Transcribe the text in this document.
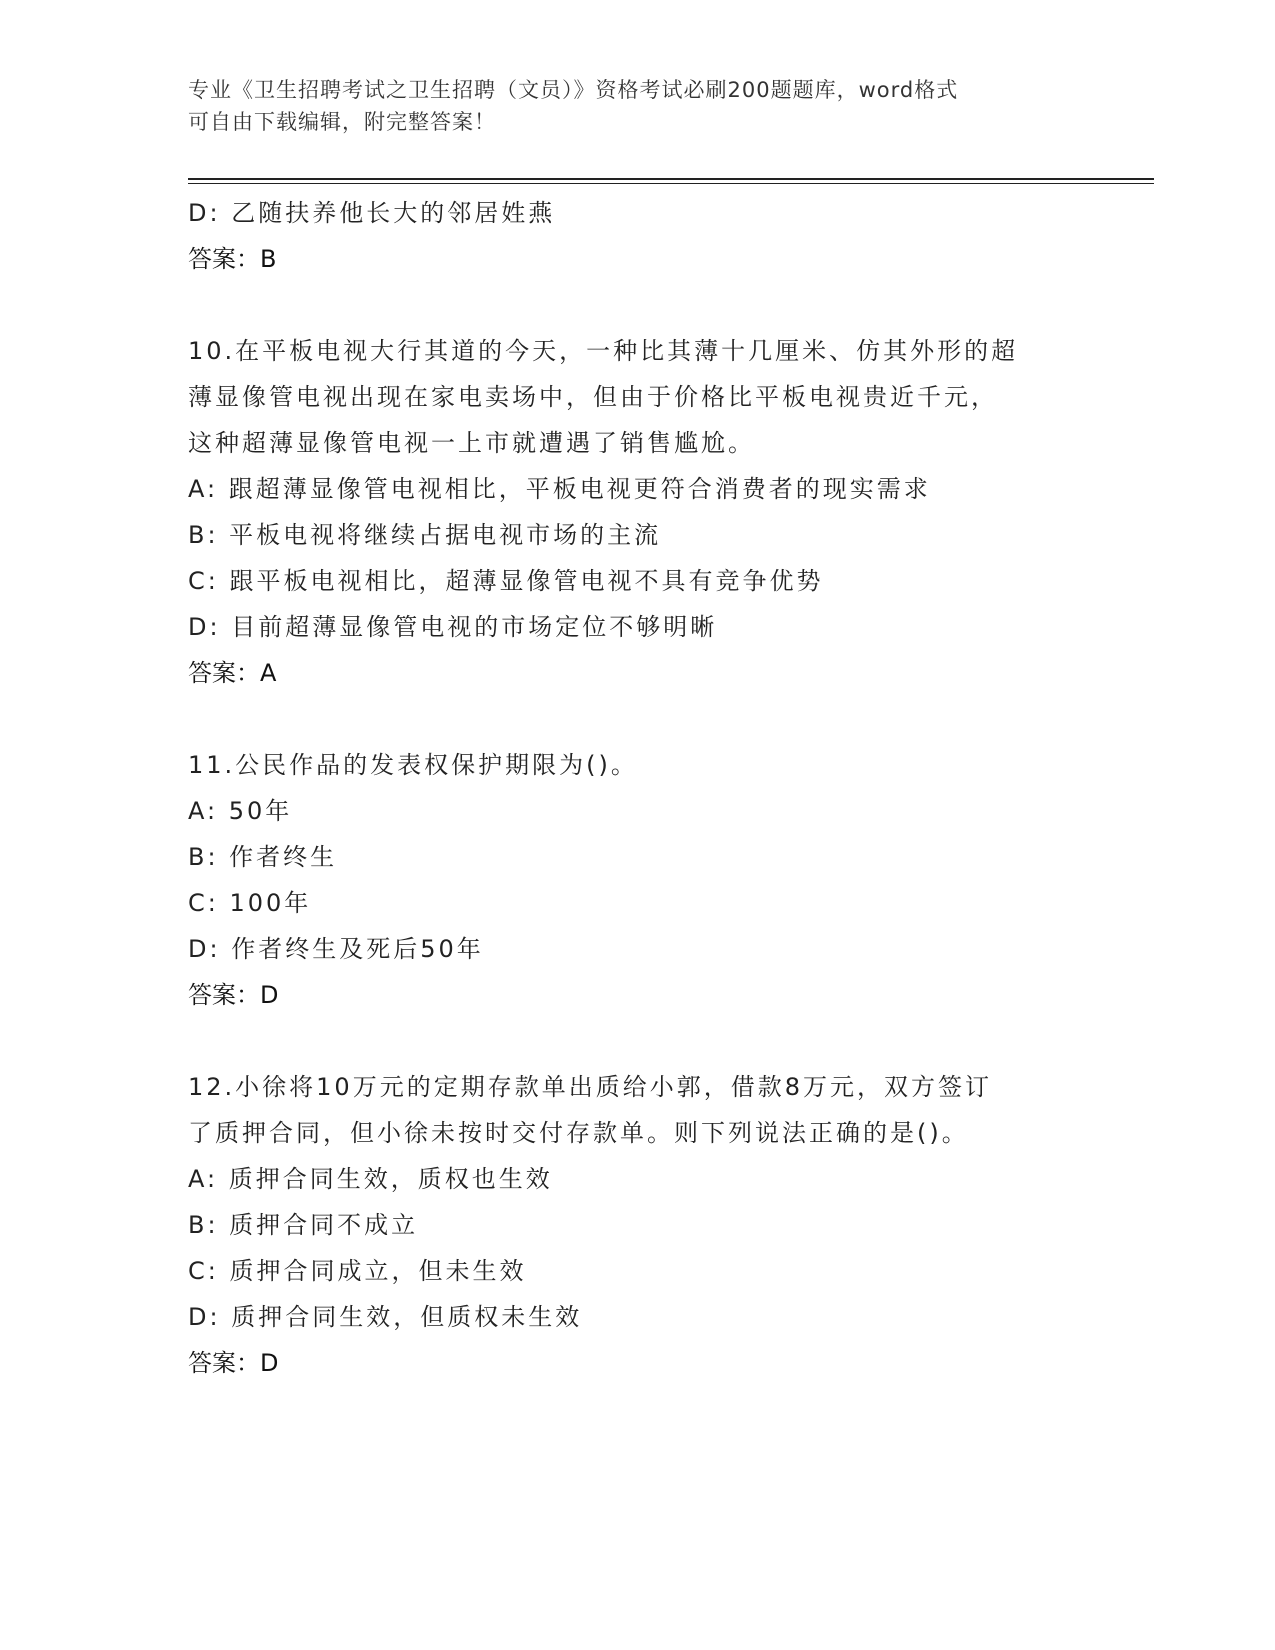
专业《卫生招聘考试之卫生招聘（文员）》资格考试必刷200题题库，word格式
可自由下载编辑，附完整答案！
D: 乙随扶养他长大的邻居姓燕
答案：B
10.在平板电视大行其道的今天，一种比其薄十几厘米、仿其外形的超
薄显像管电视出现在家电卖场中，但由于价格比平板电视贵近千元，
这种超薄显像管电视一上市就遭遇了销售尴尬。
A: 跟超薄显像管电视相比，平板电视更符合消费者的现实需求
B: 平板电视将继续占据电视市场的主流
C: 跟平板电视相比，超薄显像管电视不具有竞争优势
D: 目前超薄显像管电视的市场定位不够明晰
答案：A
11.公民作品的发表权保护期限为()。
A: 50年
B: 作者终生
C: 100年
D: 作者终生及死后50年
答案：D
12.小徐将10万元的定期存款单出质给小郭，借款8万元，双方签订
了质押合同，但小徐未按时交付存款单。则下列说法正确的是()。
A: 质押合同生效，质权也生效
B: 质押合同不成立
C: 质押合同成立，但未生效
D: 质押合同生效，但质权未生效
答案：D
